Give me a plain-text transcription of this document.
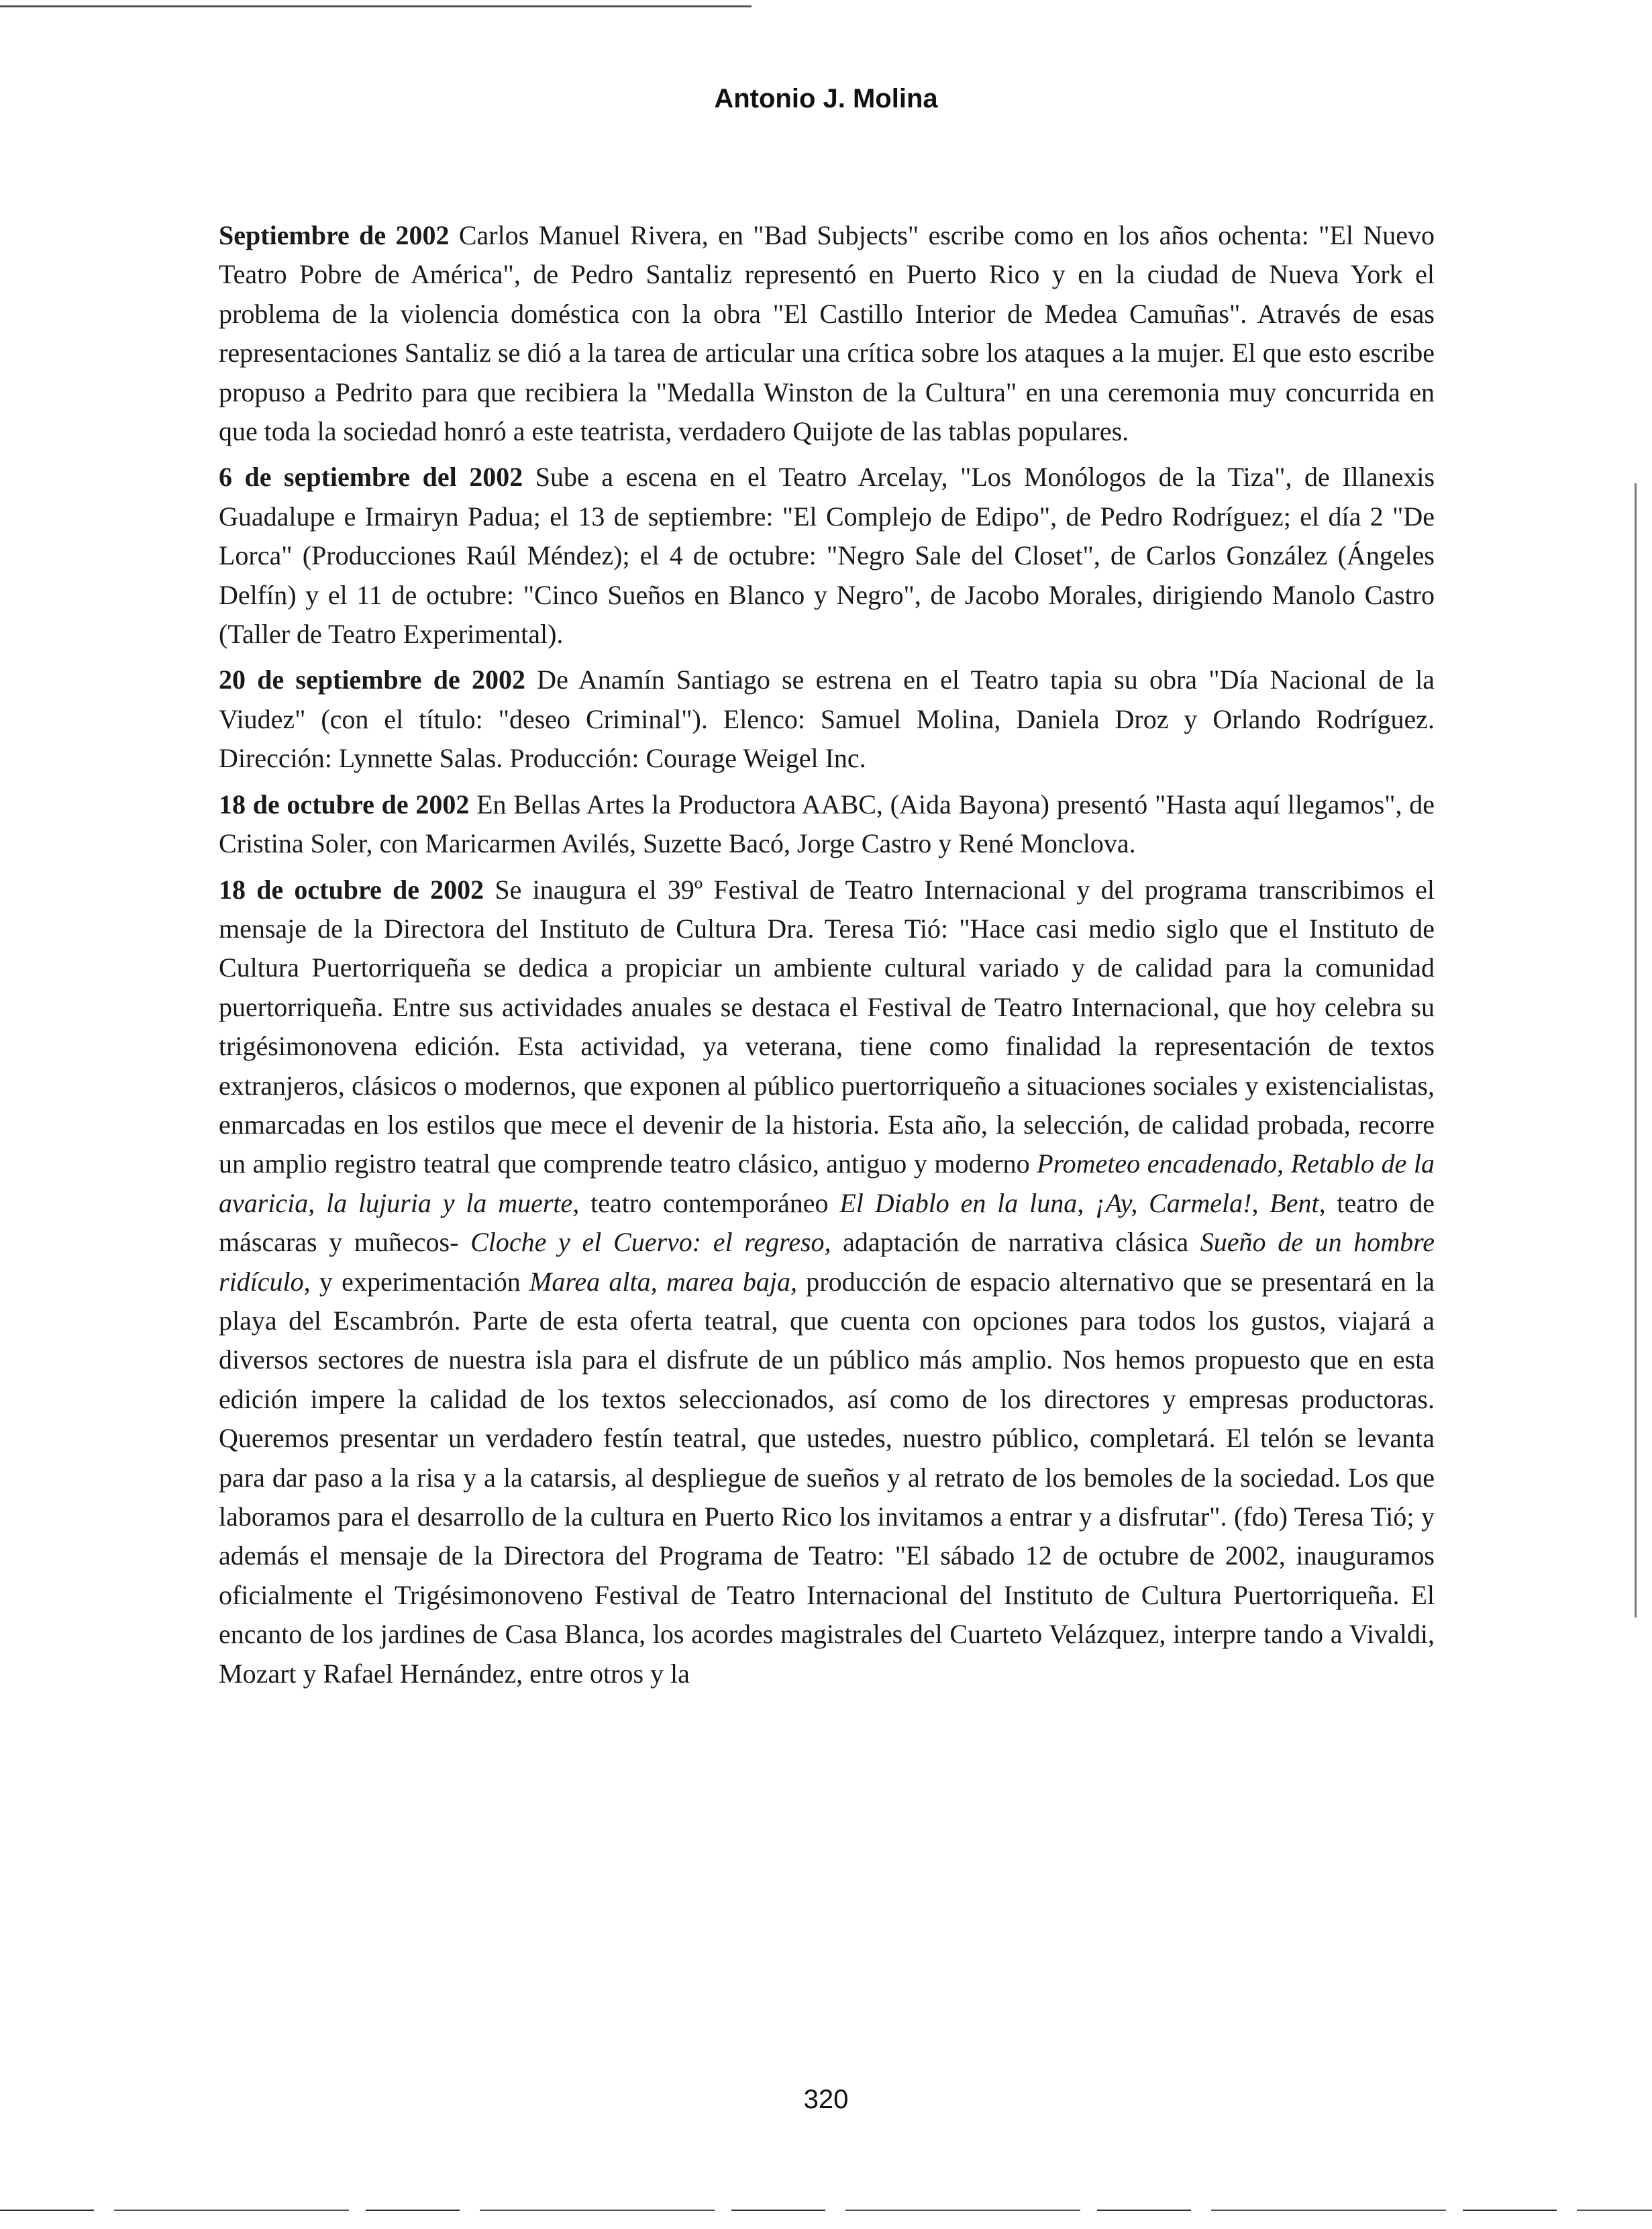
Antonio J. Molina

Septiembre de 2002 Carlos Manuel Rivera, en "Bad Subjects" escribe como en los años ochenta: "El Nuevo Teatro Pobre de América", de Pedro Santaliz representó en Puerto Rico y en la ciudad de Nueva York el problema de la violencia doméstica con la obra "El Castillo Interior de Medea Camuñas". Através de esas representaciones Santaliz se dió a la tarea de articular una crítica sobre los ataques a la mujer. El que esto escribe propuso a Pedrito para que recibiera la "Medalla Winston de la Cultura" en una ceremonia muy concurrida en que toda la sociedad honró a este teatrista, verdadero Quijote de las tablas populares.

6 de septiembre del 2002 Sube a escena en el Teatro Arcelay, "Los Monólogos de la Tiza", de Illanexis Guadalupe e Irmairyn Padua; el 13 de septiembre: "El Complejo de Edipo", de Pedro Rodríguez; el día 2 "De Lorca" (Producciones Raúl Méndez); el 4 de octubre: "Negro Sale del Closet", de Carlos González (Ángeles Delfín) y el 11 de octubre: "Cinco Sueños en Blanco y Negro", de Jacobo Morales, dirigiendo Manolo Castro (Taller de Teatro Experimental).

20 de septiembre de 2002 De Anamín Santiago se estrena en el Teatro tapia su obra "Día Nacional de la Viudez" (con el título: "deseo Criminal"). Elenco: Samuel Molina, Daniela Droz y Orlando Rodríguez. Dirección: Lynnette Salas. Producción: Courage Weigel Inc.

18 de octubre de 2002 En Bellas Artes la Productora AABC, (Aida Bayona) presentó "Hasta aquí llegamos", de Cristina Soler, con Maricarmen Avilés, Suzette Bacó, Jorge Castro y René Monclova.

18 de octubre de 2002 Se inaugura el 39º Festival de Teatro Internacional y del programa transcribimos el mensaje de la Directora del Instituto de Cultura Dra. Teresa Tió: "Hace casi medio siglo que el Instituto de Cultura Puertorriqueña se dedica a propiciar un ambiente cultural variado y de calidad para la comunidad puertorriqueña. Entre sus actividades anuales se destaca el Festival de Teatro Internacional, que hoy celebra su trigésimonovena edición. Esta actividad, ya veterana, tiene como finalidad la representación de textos extranjeros, clásicos o modernos, que exponen al público puertorriqueño a situaciones sociales y existencialistas, enmarcadas en los estilos que mece el devenir de la historia. Esta año, la selección, de calidad probada, recorre un amplio registro teatral que comprende teatro clásico, antiguo y moderno Prometeo encadenado, Retablo de la avaricia, la lujuria y la muerte, teatro contemporáneo El Diablo en la luna, ¡Ay, Carmela!, Bent, teatro de máscaras y muñecos- Cloche y el Cuervo: el regreso, adaptación de narrativa clásica Sueño de un hombre ridículo, y experimentación Marea alta, marea baja, producción de espacio alternativo que se presentará en la playa del Escambrón. Parte de esta oferta teatral, que cuenta con opciones para todos los gustos, viajará a diversos sectores de nuestra isla para el disfrute de un público más amplio. Nos hemos propuesto que en esta edición impere la calidad de los textos seleccionados, así como de los directores y empresas productoras. Queremos presentar un verdadero festín teatral, que ustedes, nuestro público, completará. El telón se levanta para dar paso a la risa y a la catarsis, al despliegue de sueños y al retrato de los bemoles de la sociedad. Los que laboramos para el desarrollo de la cultura en Puerto Rico los invitamos a entrar y a disfrutar". (fdo) Teresa Tió; y además el mensaje de la Directora del Programa de Teatro: "El sábado 12 de octubre de 2002, inauguramos oficialmente el Trigésimonoveno Festival de Teatro Internacional del Instituto de Cultura Puertorriqueña. El encanto de los jardines de Casa Blanca, los acordes magistrales del Cuarteto Velázquez, interpre tando a Vivaldi, Mozart y Rafael Hernández, entre otros y la

320
